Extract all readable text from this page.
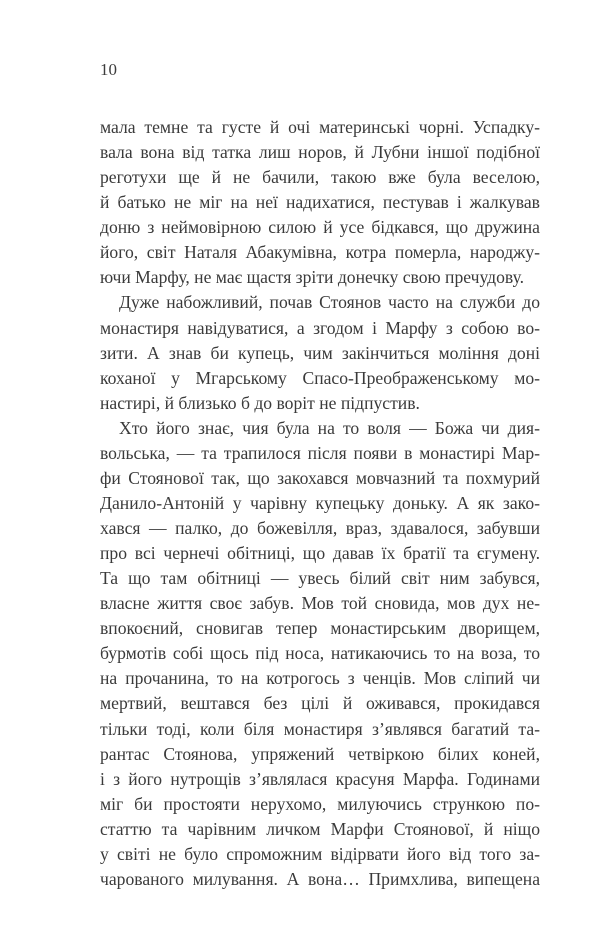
10
мала темне та густе й очі материнські чорні. Успадку-
вала вона від татка лиш норов, й Лубни іншої подібної
реготухи ще й не бачили, такою вже була веселою,
й батько не міг на неї надихатися, пестував і жалкував
доню з неймовірною силою й усе бідкався, що дружина
його, світ Наталя Абакумівна, котра померла, народжу-
ючи Марфу, не має щастя зріти донечку свою пречудову.
Дуже набожливий, почав Стоянов часто на служби до
монастиря навідуватися, а згодом і Марфу з собою во-
зити. А знав би купець, чим закінчиться моління доні
коханої у Мгарському Спасо-Преображенському мо-
настирі, й близько б до воріт не підпустив.
Хто його знає, чия була на то воля — Божа чи дия-
вольська, — та трапилося після появи в монастирі Мар-
фи Стоянової так, що закохався мовчазний та похмурий
Данило-Антоній у чарівну купецьку доньку. А як зако-
хався — палко, до божевілля, враз, здавалося, забувши
про всі чернечі обітниці, що давав їх братії та єгумену.
Та що там обітниці — увесь білий світ ним забувся,
власне життя своє забув. Мов той сновида, мов дух не-
впокоєний, сновигав тепер монастирським дворищем,
бурмотів собі щось під носа, натикаючись то на воза, то
на прочанина, то на котрогось з ченців. Мов сліпий чи
мертвий, вештався без цілі й оживався, прокидався
тільки тоді, коли біля монастиря з’являвся багатий та-
рантас Стоянова, упряжений четвіркою білих коней,
і з його нутрощів з’являлася красуня Марфа. Годинами
міг би простояти нерухомо, милуючись стрункою по-
статтю та чарівним личком Марфи Стоянової, й ніщо
у світі не було спроможним відірвати його від того за-
чарованого милування. А вона… Примхлива, випещена
